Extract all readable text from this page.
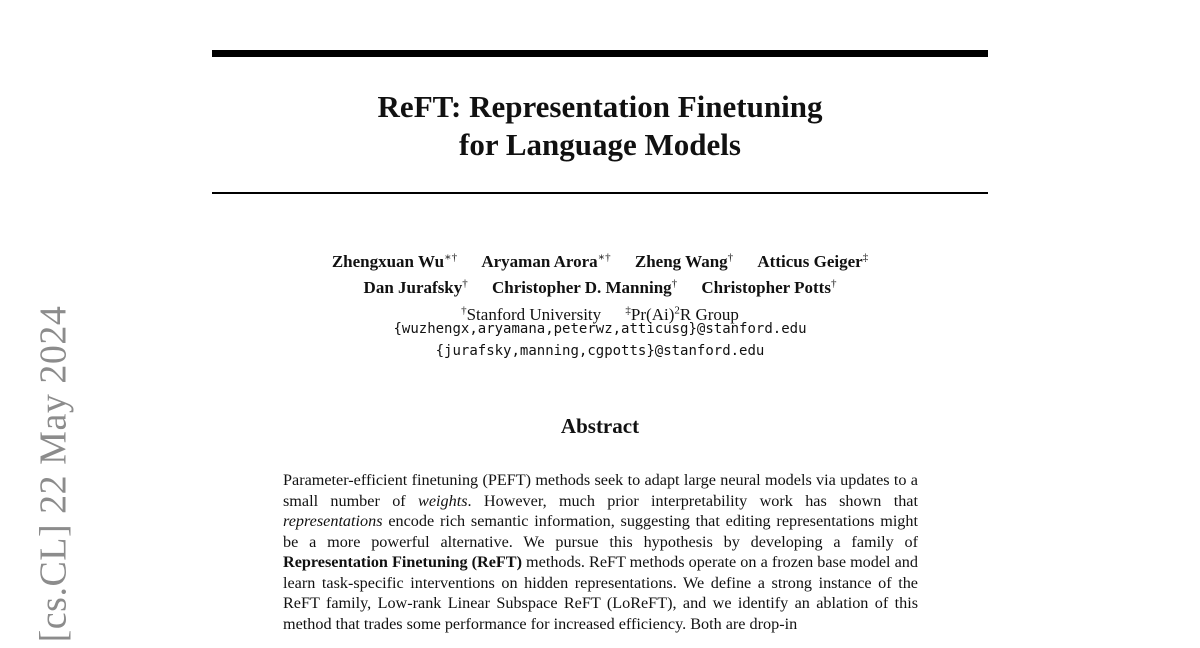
[cs.CL] 22 May 2024
ReFT: Representation Finetuning
for Language Models
Zhengxuan Wu∗† Aryaman Arora∗† Zheng Wang† Atticus Geiger‡
Dan Jurafsky† Christopher D. Manning† Christopher Potts†
†Stanford University $^\ddagger Pr(Ai)^2R$ Group
{wuzhengx,aryamana,peterwz,atticusg}@stanford.edu
{jurafsky,manning,cgpotts}@stanford.edu
Abstract
Parameter-efficient finetuning (PEFT) methods seek to adapt large neural models via updates to a small number of weights. However, much prior interpretability work has shown that representations encode rich semantic information, suggesting that editing representations might be a more powerful alternative. We pursue this hypothesis by developing a family of Representation Finetuning (ReFT) methods. ReFT methods operate on a frozen base model and learn task-specific interventions on hidden representations. We define a strong instance of the ReFT family, Low-rank Linear Subspace ReFT (LoReFT), and we identify an ablation of this method that trades some performance for increased efficiency. Both are drop-in
